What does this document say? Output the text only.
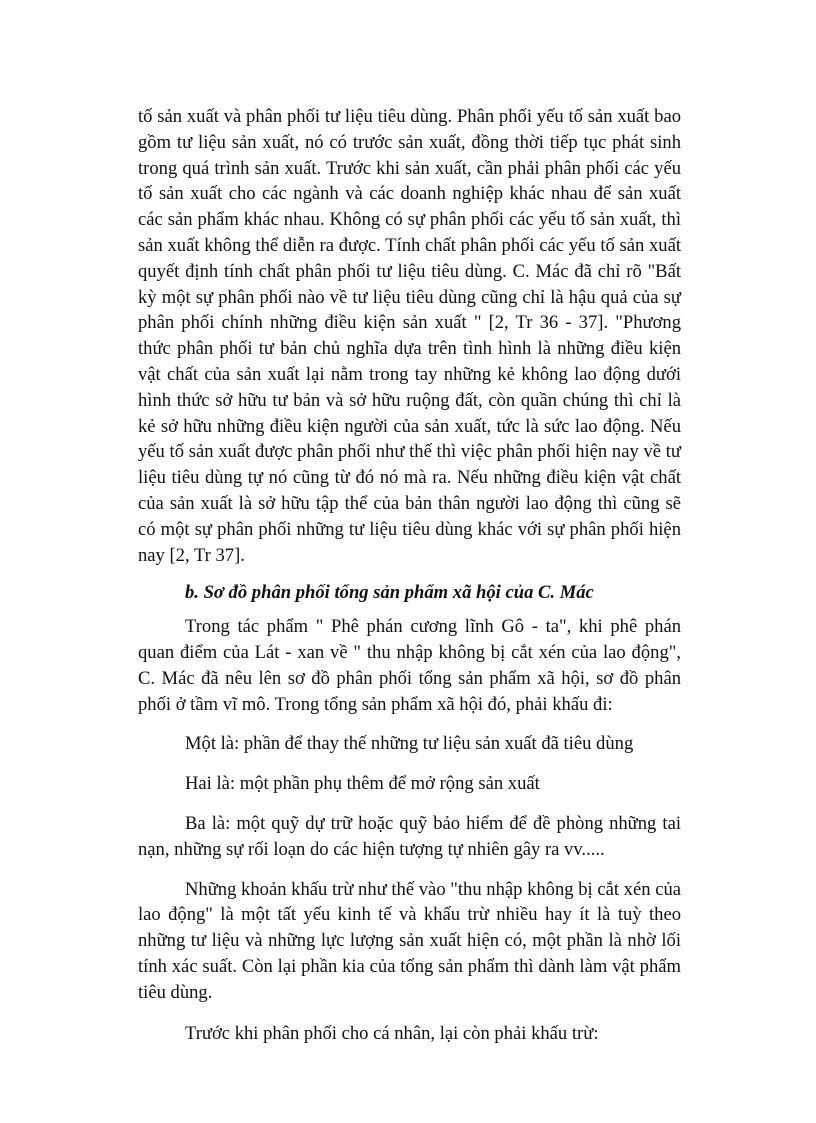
tố sản xuất và phân phối tư liệu tiêu dùng. Phân phối yếu tố sản xuất bao gồm tư liệu sản xuất, nó có trước sản xuất, đồng thời tiếp tục phát sinh trong quá trình sản xuất. Trước khi sản xuất, cần phải phân phối các yếu tố sản xuất cho các ngành và các doanh nghiệp khác nhau để sản xuất các sản phẩm khác nhau. Không có sự phân phối các yếu tố sản xuất, thì sản xuất không thể diễn ra được. Tính chất phân phối các yếu tố sản xuất quyết định tính chất phân phối tư liệu tiêu dùng. C. Mác đã chỉ rõ "Bất kỳ một sự phân phối nào về tư liệu tiêu dùng cũng chỉ là hậu quả của sự phân phối chính những điều kiện sản xuất " [2, Tr 36 - 37]. "Phương thức phân phối tư bản chủ nghĩa dựa trên tình hình là những điều kiện vật chất của sản xuất lại nằm trong tay những kẻ không lao động dưới hình thức sở hữu tư bản và sở hữu ruộng đất, còn quần chúng thì chỉ là kẻ sở hữu những điều kiện người của sản xuất, tức là sức lao động. Nếu yếu tố sản xuất được phân phối như thế thì việc phân phối hiện nay về tư liệu tiêu dùng tự nó cũng từ đó nó mà ra. Nếu những điều kiện vật chất của sản xuất là sở hữu tập thể của bản thân người lao động thì cũng sẽ có một sự phân phối những tư liệu tiêu dùng khác với sự phân phối hiện nay [2, Tr 37].

b. Sơ đồ phân phối tổng sản phẩm xã hội của C. Mác

Trong tác phẩm " Phê phán cương lĩnh Gô - ta", khi phê phán quan điểm của Lát - xan về " thu nhập không bị cắt xén của lao động", C. Mác đã nêu lên sơ đồ phân phối tổng sản phẩm xã hội, sơ đồ phân phối ở tầm vĩ mô. Trong tổng sản phẩm xã hội đó, phải khấu đi:

Một là: phần để thay thế những tư liệu sản xuất đã tiêu dùng

Hai là: một phần phụ thêm để mở rộng sản xuất

Ba là: một quỹ dự trữ hoặc quỹ bảo hiểm để đề phòng những tai nạn, những sự rối loạn do các hiện tượng tự nhiên gây ra vv.....

Những khoản khấu trừ như thế vào "thu nhập không bị cắt xén của lao động" là một tất yếu kinh tế và khấu trừ nhiều hay ít là tuỳ theo những tư liệu và những lực lượng sản xuất hiện có, một phần là nhờ lối tính xác suất. Còn lại phần kia của tổng sản phẩm thì dành làm vật phẩm tiêu dùng.

Trước khi phân phối cho cá nhân, lại còn phải khấu trừ:
